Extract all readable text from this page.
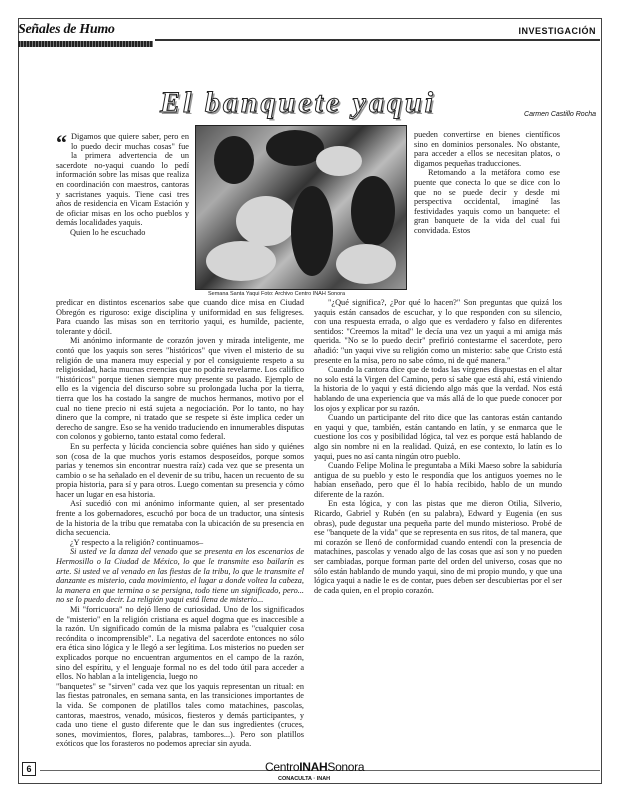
Señales de Humo	INVESTIGACIÓN
El banquete yaqui	Carmen Castillo Rocha
Semana Santa Yaqui Foto: Archivo Centro INAH Sonora

“ Digamos que quiere saber, pero en lo puedo decir muchas cosas" fue la primera advertencia de un sacerdote no-yaqui cuando lo pedí información sobre las misas que realiza en coordinación con maestros, cantoras y sacristanes yaquis. Tiene casi tres años de residencia en Vicam Estación y de oficiar misas en los ocho pueblos y demás localidades yaquis.

Quien lo he escuchado

pueden convertirse en bienes científicos sino en dominios personales. No obstante, para acceder a ellos se necesitan platos, o digamos pequeñas traducciones.

Retomando a la metáfora como ese puente que conecta lo que se dice con lo que no se puede decir y desde mi perspectiva occidental, imaginé las festividades yaquis como un banquete: el gran banquete de la vida del cual fui convidada. Estos

predicar en distintos escenarios sabe que cuando dice misa en Ciudad Obregón es riguroso: exige disciplina y uniformidad en sus feligreses. Para cuando las misas son en territorio yaqui, es humilde, paciente, tolerante y dócil.

Mi anónimo informante de corazón joven y mirada inteligente, me contó que los yaquis son seres "históricos" que viven el misterio de su religión de una manera muy especial y por el consiguiente respeto a su religiosidad, hacia mucnas creencias que no podría revelarme. Los califico "históricos" porque tienen siempre muy presente su pasado. Ejemplo de ello es la vigencia del discurso sobre su prolongada lucha por la tierra, tierra que los ha costado la sangre de muchos hermanos, motivo por el cual no tiene precio ni está sujeta a negociación. Por lo tanto, no hay dinero que la compre, ni tratado que se respete si éste implica ceder un derecho de sangre. Eso se ha venido traduciendo en innumerables disputas con colonos y gobierno, tanto estatal como federal.

En su perfecta y lúcida conciencia sobre quiénes han sido y quiénes son (cosa de la que muchos yoris estamos desposeídos, porque somos parias y tenemos sin encontrar nuestra raíz) cada vez que se presenta un cambio o se ha señalado en el devenir de su tribu, hacen un recuento de su propia historia, para sí y para otros. Luego comentan su presencia y cómo hacer un lugar en esa historia.

Así sucedió con mi anónimo informante quien, al ser presentado frente a los gobernadores, escuchó por boca de un traductor, una síntesis de la historia de la tribu que remataba con la ubicación de su presencia en dicha secuencia.

¿Y respecto a la religión? continuamos–

Si usted ve la danza del venado que se presenta en los escenarios de Hermosillo o la Ciudad de México, lo que le transmite eso bailarín es arte. Si usted ve al venado en las fiestas de la tribu, lo que le transmite el danzante es misterio, cada movimiento, el lugar a donde voltea la cabeza, la manera en que termina o se persigna, todo tiene un significado, pero... no se lo puedo decir. La religión yaqui está llena de misterio...

Mi "forricuora" no dejó lleno de curiosidad. Uno de los significados de "misterio" en la religión cristiana es aquel dogma que es inaccesible a la razón. Un significado común de la misma palabra es "cualquier cosa recóndita o incomprensible". La negativa del sacerdote entonces no sólo era ética sino lógica y le llegó a ser legítima. Los misterios no pueden ser explicados porque no encuentran argumentos en el campo de la razón, sino del espíritu, y el lenguaje formal no es del todo útil para acceder a ellos. No hablan a la inteligencia, luego no

"banquetes" se "sirven" cada vez que los yaquis representan un ritual: en las fiestas patronales, en semana santa, en las transiciones importantes de la vida. Se componen de platillos tales como matachines, pascolas, cantoras, maestros, venado, músicos, fiesteros y demás participantes, y cada uno tiene el gusto diferente que le dan sus ingredientes (cruces, sones, movimientos, flores, palabras, tambores...). Pero son platillos exóticos que los forasteros no podemos apreciar sin ayuda.

"¿Qué significa?, ¿Por qué lo hacen?" Son preguntas que quizá los yaquis están cansados de escuchar, y lo que responden con su silencio, con una respuesta errada, o algo que es verdadero y falso en diferentes sentidos: "Creemos la mitad" le decía una vez un yaqui a mi amiga más querida. "No se lo puedo decir" prefirió contestarme el sacerdote, pero añadió: "un yaqui vive su religión como un misterio: sabe que Cristo está presente en la misa, pero no sabe cómo, ni de qué manera."

Cuando la cantora dice que de todas las vírgenes dispuestas en el altar no solo está la Virgen del Camino, pero sí sabe que está ahí, está viniendo la historia de lo yaqui y está diciendo algo más que la verdad. Nos está hablando de una experiencia que va más allá de lo que puede conocer por los ojos y explicar por su razón.

Cuando un participante del rito dice que las cantoras están cantando en yaqui y que, también, están cantando en latín, y se enmarca que le cuestione los cos y posibilidad lógica, tal vez es porque está hablando de algo sin nombre ni en la realidad. Quizá, en ese contexto, lo latín es lo yaqui, pues no así canta ningún otro pueblo.

Cuando Felipe Molina le preguntaba a Miki Maeso sobre la sabiduría antigua de su pueblo y esto le respondía que los antiguos yoemes no le habían enseñado, pero que él lo había recibido, hablo de un mundo diferente de la razón.

En esta lógica, y con las pistas que me dieron Otilia, Silverio, Ricardo, Gabriel y Rubén (en su palabra), Edward y Eugenia (en sus obras), pude degustar una pequeña parte del mundo misterioso. Probé de ese "banquete de la vida" que se representa en sus ritos, de tal manera, que mi corazón se llenó de conformidad cuando entendí con la presencia de matachines, pascolas y venado algo de las cosas que así son y no pueden ser cambiadas, porque forman parte del orden del universo, cosas que no sólo están hablando de mundo yaqui, sino de mi propio mundo, y que una lógica yaqui a nadie le es de contar, pues deben ser descubiertas por el ser de cada quien, en el propio corazón.

6	CentroINAHSonora
CONACULTA · INAH
